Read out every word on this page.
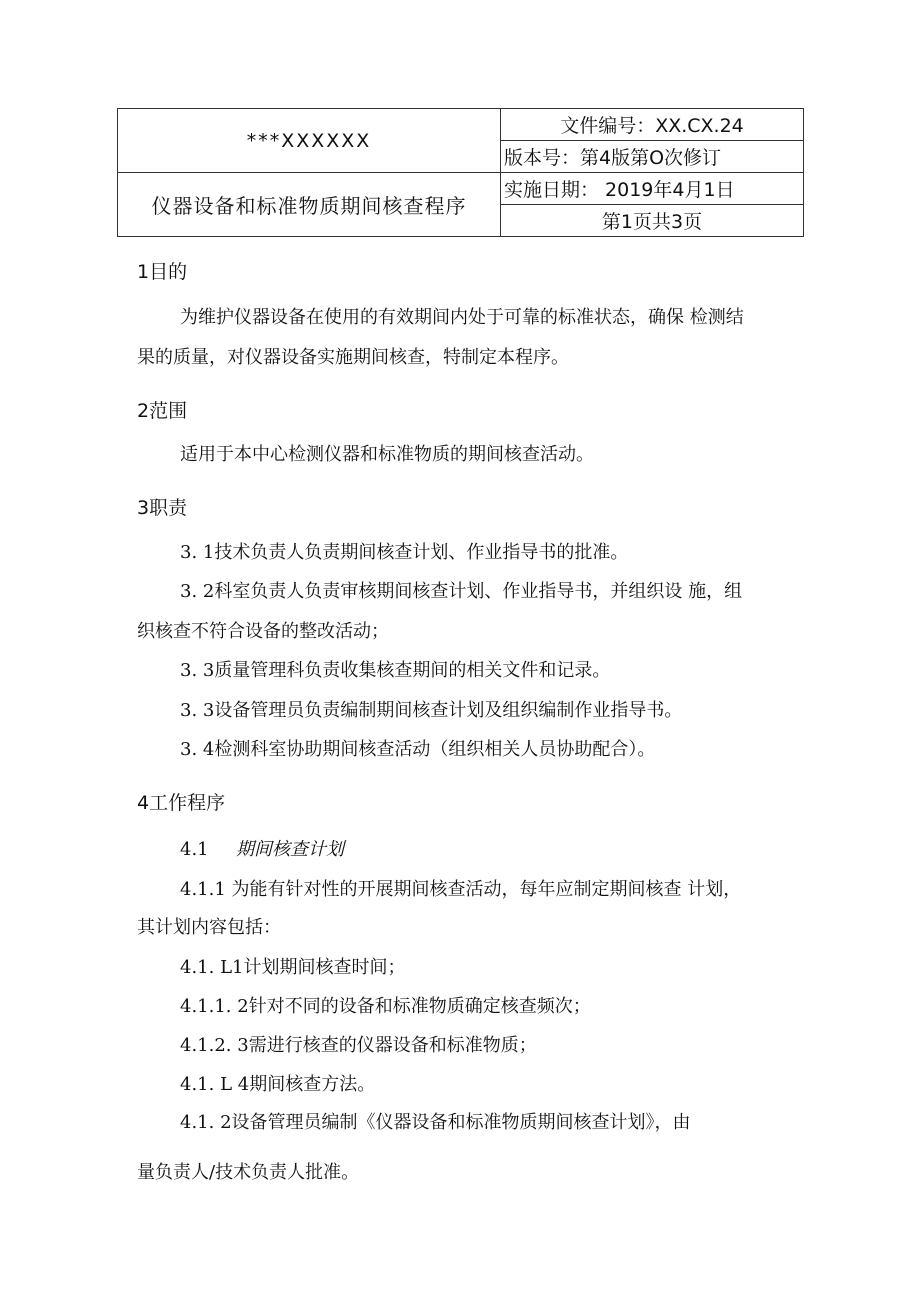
***XXXXXX	文件编号：XX.CX.24
	版本号：第4版第O次修订
仪器设备和标准物质期间核查程序	实施日期： 2019年4月1日
	第1页共3页
1目的
为维护仪器设备在使用的有效期间内处于可靠的标准状态，确保 检测结
果的质量，对仪器设备实施期间核查，特制定本程序。
2范围
适用于本中心检测仪器和标准物质的期间核查活动。
3职责
3. 1技术负责人负责期间核查计划、作业指导书的批准。
3. 2科室负责人负责审核期间核查计划、作业指导书，并组织设 施，组
织核查不符合设备的整改活动；
3. 3质量管理科负责收集核查期间的相关文件和记录。
3. 3设备管理员负责编制期间核查计划及组织编制作业指导书。
3. 4检测科室协助期间核查活动（组织相关人员协助配合）。
4工作程序
4.1 期间核查计划
4.1.1 为能有针对性的开展期间核查活动，每年应制定期间核查 计划，
其计划内容包括：
4.1. L1计划期间核查时间；
4.1.1. 2针对不同的设备和标准物质确定核查频次；
4.1.2. 3需进行核查的仪器设备和标准物质；
4.1. L 4期间核查方法。
4.1. 2设备管理员编制《仪器设备和标准物质期间核查计划》，由
量负责人/技术负责人批准。
